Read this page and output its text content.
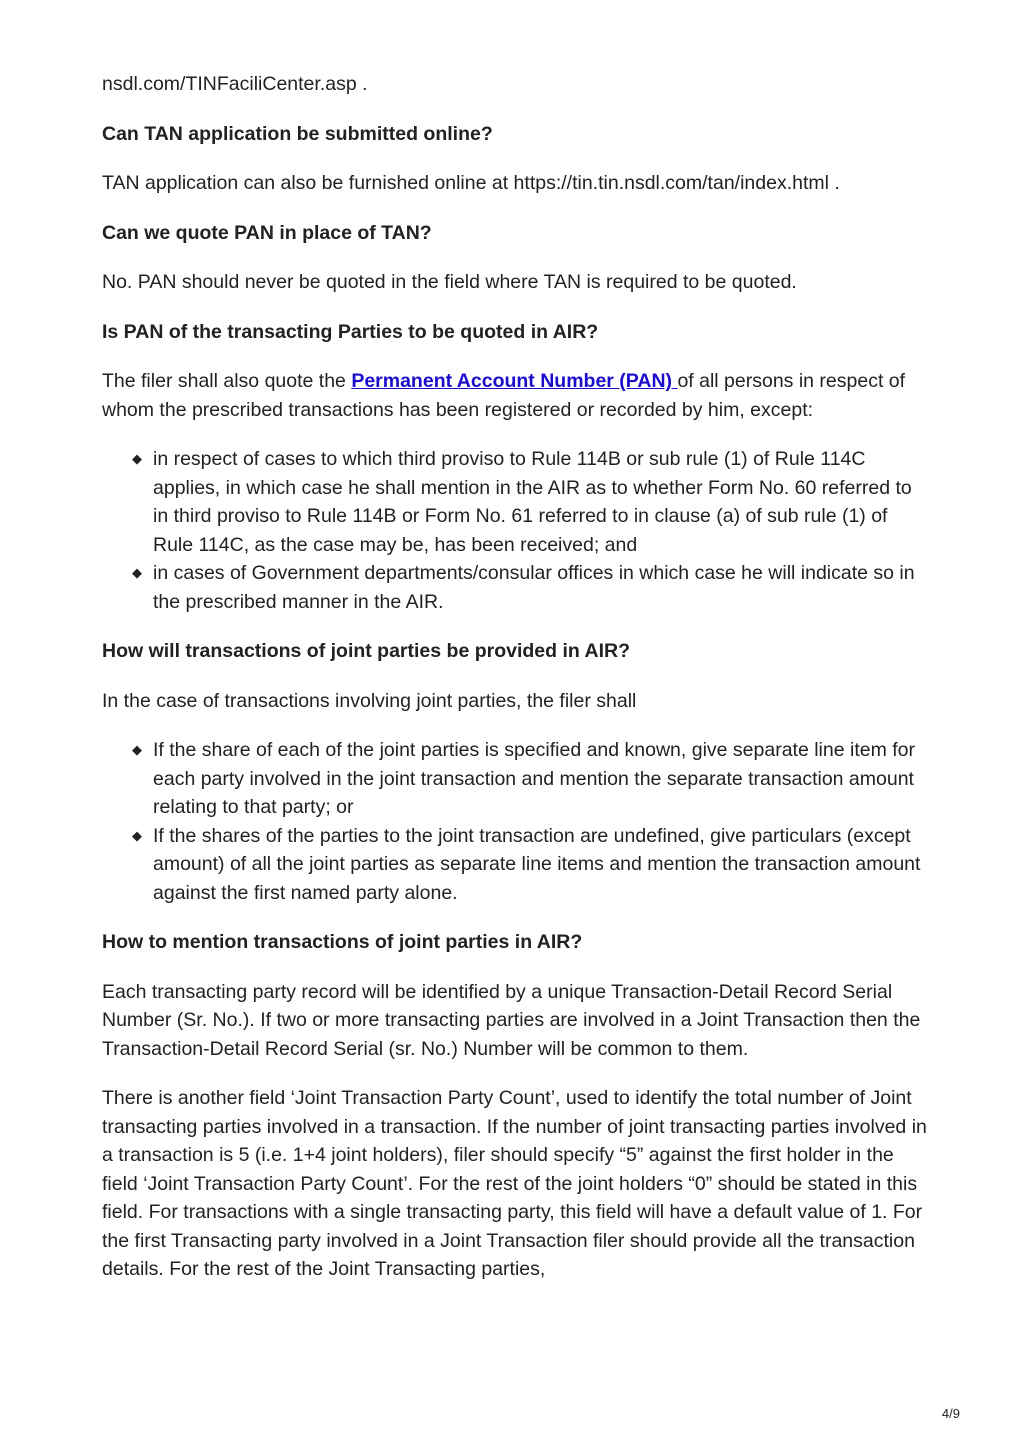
nsdl.com/TINFaciliCenter.asp .

Can TAN application be submitted online?

TAN application can also be furnished online at https://tin.tin.nsdl.com/tan/index.html .

Can we quote PAN in place of TAN?

No. PAN should never be quoted in the field where TAN is required to be quoted.

Is PAN of the transacting Parties to be quoted in AIR?

The filer shall also quote the Permanent Account Number (PAN) of all persons in respect of whom the prescribed transactions has been registered or recorded by him, except:

◆ in respect of cases to which third proviso to Rule 114B or sub rule (1) of Rule 114C applies, in which case he shall mention in the AIR as to whether Form No. 60 referred to in third proviso to Rule 114B or Form No. 61 referred to in clause (a) of sub rule (1) of Rule 114C, as the case may be, has been received; and
◆ in cases of Government departments/consular offices in which case he will indicate so in the prescribed manner in the AIR.

How will transactions of joint parties be provided in AIR?

In the case of transactions involving joint parties, the filer shall

◆ If the share of each of the joint parties is specified and known, give separate line item for each party involved in the joint transaction and mention the separate transaction amount relating to that party; or
◆ If the shares of the parties to the joint transaction are undefined, give particulars (except amount) of all the joint parties as separate line items and mention the transaction amount against the first named party alone.

How to mention transactions of joint parties in AIR?

Each transacting party record will be identified by a unique Transaction-Detail Record Serial Number (Sr. No.). If two or more transacting parties are involved in a Joint Transaction then the Transaction-Detail Record Serial (sr. No.) Number will be common to them.

There is another field ‘Joint Transaction Party Count’, used to identify the total number of Joint transacting parties involved in a transaction. If the number of joint transacting parties involved in a transaction is 5 (i.e. 1+4 joint holders), filer should specify “5” against the first holder in the field ‘Joint Transaction Party Count’. For the rest of the joint holders “0” should be stated in this field. For transactions with a single transacting party, this field will have a default value of 1. For the first Transacting party involved in a Joint Transaction filer should provide all the transaction details. For the rest of the Joint Transacting parties,

4/9
